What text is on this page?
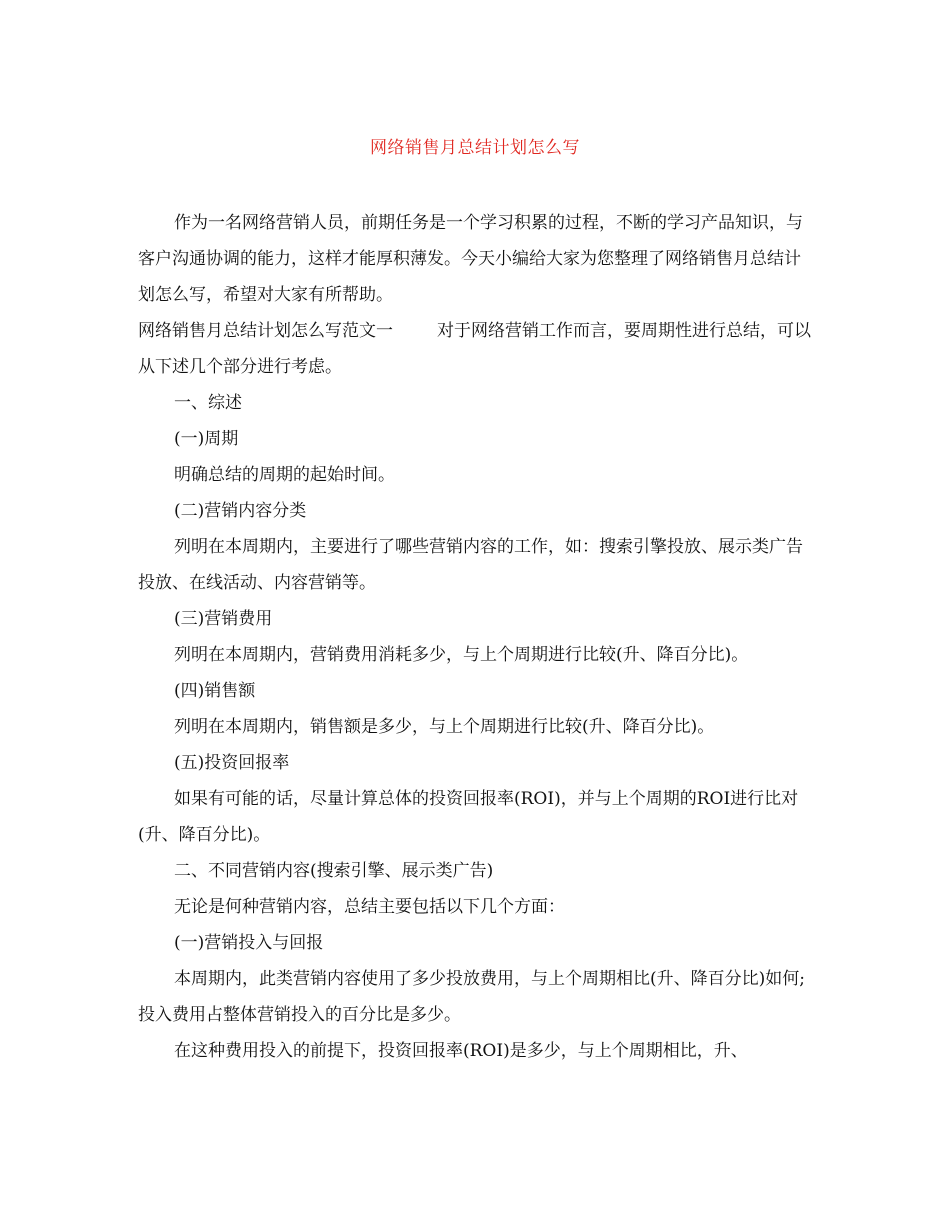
网络销售月总结计划怎么写

作为一名网络营销人员，前期任务是一个学习积累的过程，不断的学习产品知识，与客户沟通协调的能力，这样才能厚积薄发。今天小编给大家为您整理了网络销售月总结计划怎么写，希望对大家有所帮助。

网络销售月总结计划怎么写范文一	对于网络营销工作而言，要周期性进行总结，可以从下述几个部分进行考虑。

一、综述

(一)周期

明确总结的周期的起始时间。

(二)营销内容分类

列明在本周期内，主要进行了哪些营销内容的工作，如：搜索引擎投放、展示类广告投放、在线活动、内容营销等。

(三)营销费用

列明在本周期内，营销费用消耗多少，与上个周期进行比较(升、降百分比)。

(四)销售额

列明在本周期内，销售额是多少，与上个周期进行比较(升、降百分比)。

(五)投资回报率

如果有可能的话，尽量计算总体的投资回报率(ROI)，并与上个周期的ROI进行比对(升、降百分比)。

二、不同营销内容(搜索引擎、展示类广告)

无论是何种营销内容，总结主要包括以下几个方面：

(一)营销投入与回报

本周期内，此类营销内容使用了多少投放费用，与上个周期相比(升、降百分比)如何;投入费用占整体营销投入的百分比是多少。

在这种费用投入的前提下，投资回报率(ROI)是多少，与上个周期相比，升、
